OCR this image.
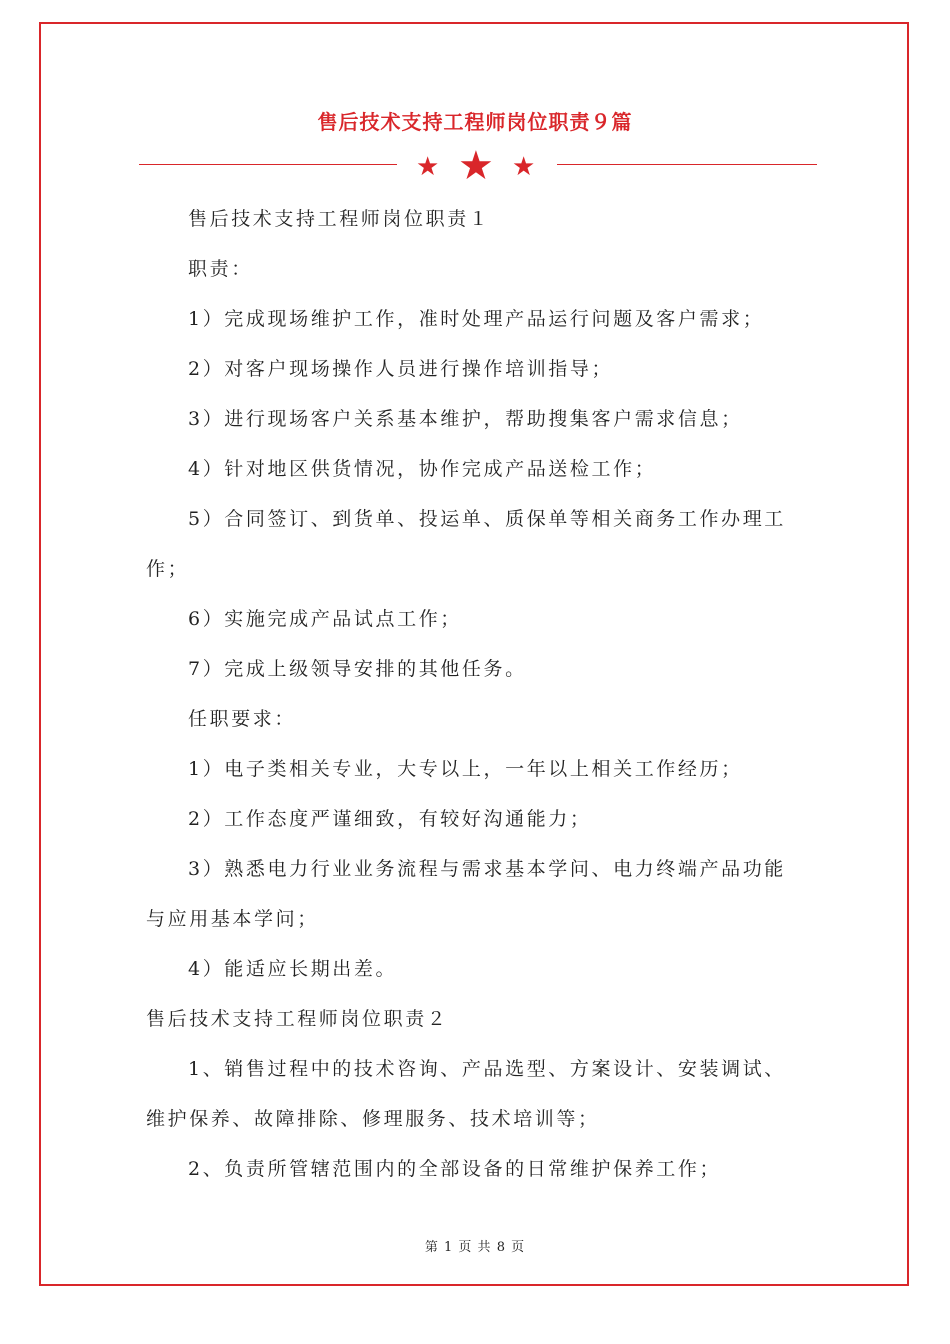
售后技术支持工程师岗位职责９篇
★ ★ ★
售后技术支持工程师岗位职责１
职责：
1）完成现场维护工作，准时处理产品运行问题及客户需求；
2）对客户现场操作人员进行操作培训指导；
3）进行现场客户关系基本维护，帮助搜集客户需求信息；
4）针对地区供货情况，协作完成产品送检工作；
5）合同签订、到货单、投运单、质保单等相关商务工作办理工
作；
6）实施完成产品试点工作；
7）完成上级领导安排的其他任务。
任职要求：
1）电子类相关专业，大专以上，一年以上相关工作经历；
2）工作态度严谨细致，有较好沟通能力；
3）熟悉电力行业业务流程与需求基本学问、电力终端产品功能
与应用基本学问；
4）能适应长期出差。
售后技术支持工程师岗位职责２
1、销售过程中的技术咨询、产品选型、方案设计、安装调试、
维护保养、故障排除、修理服务、技术培训等；
2、负责所管辖范围内的全部设备的日常维护保养工作；
第 1 页 共 8 页
